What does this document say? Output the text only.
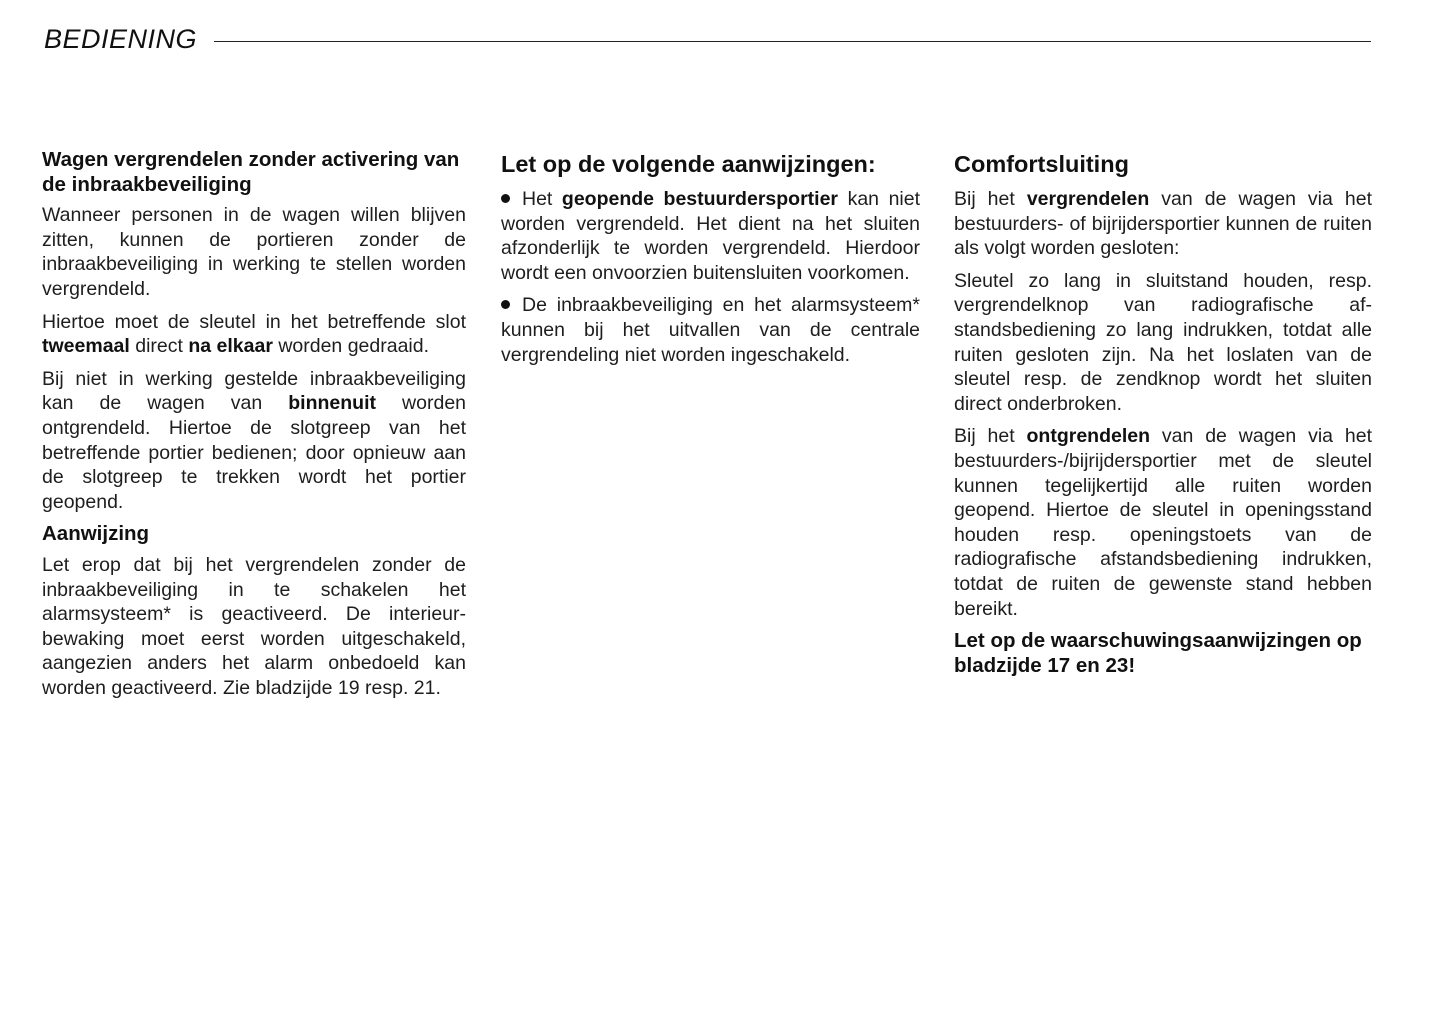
BEDIENING
Wagen vergrendelen zonder activering van de inbraakbeveiliging

Wanneer personen in de wagen willen blijven zitten, kunnen de portieren zonder de inbraakbeveiliging in werking te stellen worden vergrendeld.

Hiertoe moet de sleutel in het betreffende slot tweemaal direct na elkaar worden gedraaid.

Bij niet in werking gestelde inbraakbeveiliging kan de wagen van binnenuit worden ontgrendeld. Hiertoe de slotgreep van het betreffende portier bedienen; door opnieuw aan de slotgreep te trekken wordt het portier geopend.

Aanwijzing

Let erop dat bij het vergrendelen zonder de inbraakbeveiliging in te schakelen het alarmsysteem* is geactiveerd. De interieurbewaking moet eerst worden uitgeschakeld, aangezien anders het alarm onbedoeld kan worden geactiveerd. Zie bladzijde 19 resp. 21.

Let op de volgende aanwijzingen:

Het geopende bestuurdersportier kan niet worden vergrendeld. Het dient na het sluiten afzonderlijk te worden vergrendeld. Hierdoor wordt een onvoorzien buitensluiten voorkomen.

De inbraakbeveiliging en het alarmsysteem* kunnen bij het uitvallen van de centrale vergrendeling niet worden ingeschakeld.

Comfortsluiting

Bij het vergrendelen van de wagen via het bestuurders- of bijrijdersportier kunnen de ruiten als volgt worden gesloten:

Sleutel zo lang in sluitstand houden, resp. vergrendelknop van radiografische afstandsbediening zo lang indrukken, totdat alle ruiten gesloten zijn. Na het loslaten van de sleutel resp. de zendknop wordt het sluiten direct onderbroken.

Bij het ontgrendelen van de wagen via het bestuurders-/bijrijdersportier met de sleutel kunnen tegelijkertijd alle ruiten worden geopend. Hiertoe de sleutel in openingsstand houden resp. openingstoets van de radiografische afstandsbediening indrukken, totdat de ruiten de gewenste stand hebben bereikt.

Let op de waarschuwingsaanwijzingen op bladzijde 17 en 23!
